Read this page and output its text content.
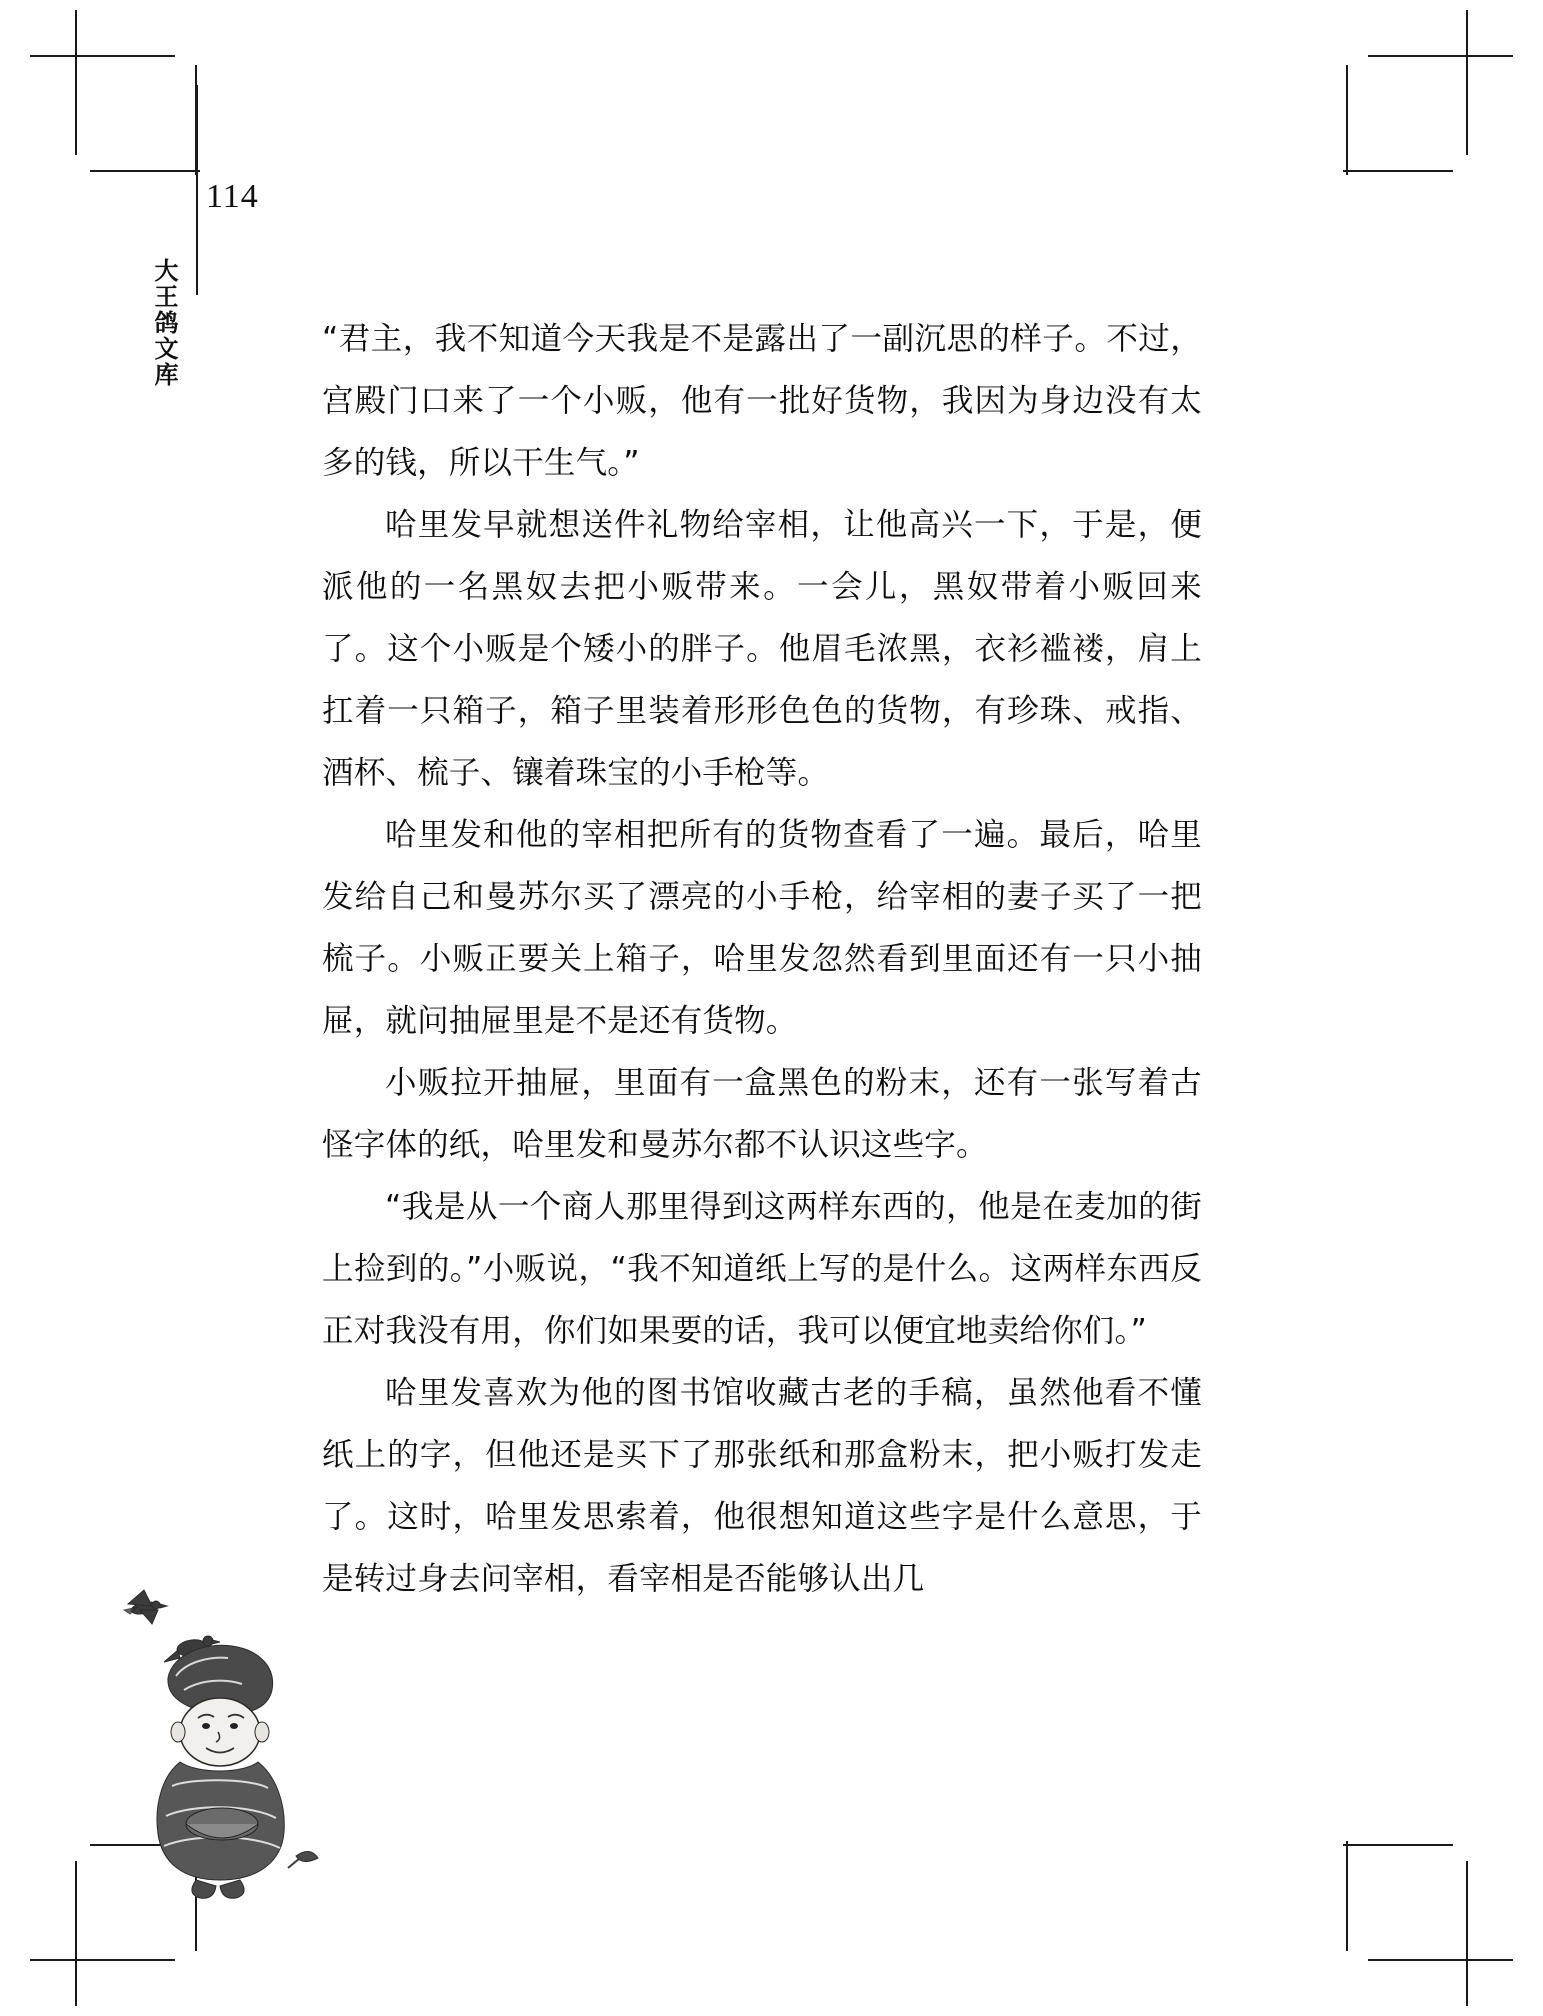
114
大王鸽文库	“君主，我不知道今天我是不是露出了一副沉思的样子。不过，宫殿门口来了一个小贩，他有一批好货物，我因为身边没有太多的钱，所以干生气。”

哈里发早就想送件礼物给宰相，让他高兴一下，于是，便派他的一名黑奴去把小贩带来。一会儿，黑奴带着小贩回来了。这个小贩是个矮小的胖子。他眉毛浓黑，衣衫褴褛，肩上扛着一只箱子，箱子里装着形形色色的货物，有珍珠、戒指、酒杯、梳子、镶着珠宝的小手枪等。

哈里发和他的宰相把所有的货物查看了一遍。最后，哈里发给自己和曼苏尔买了漂亮的小手枪，给宰相的妻子买了一把梳子。小贩正要关上箱子，哈里发忽然看到里面还有一只小抽屉，就问抽屉里是不是还有货物。

小贩拉开抽屉，里面有一盒黑色的粉末，还有一张写着古怪字体的纸，哈里发和曼苏尔都不认识这些字。

“我是从一个商人那里得到这两样东西的，他是在麦加的街上捡到的。”小贩说，“我不知道纸上写的是什么。这两样东西反正对我没有用，你们如果要的话，我可以便宜地卖给你们。”

哈里发喜欢为他的图书馆收藏古老的手稿，虽然他看不懂纸上的字，但他还是买下了那张纸和那盒粉末，把小贩打发走了。这时，哈里发思索着，他很想知道这些字是什么意思，于是转过身去问宰相，看宰相是否能够认出几
